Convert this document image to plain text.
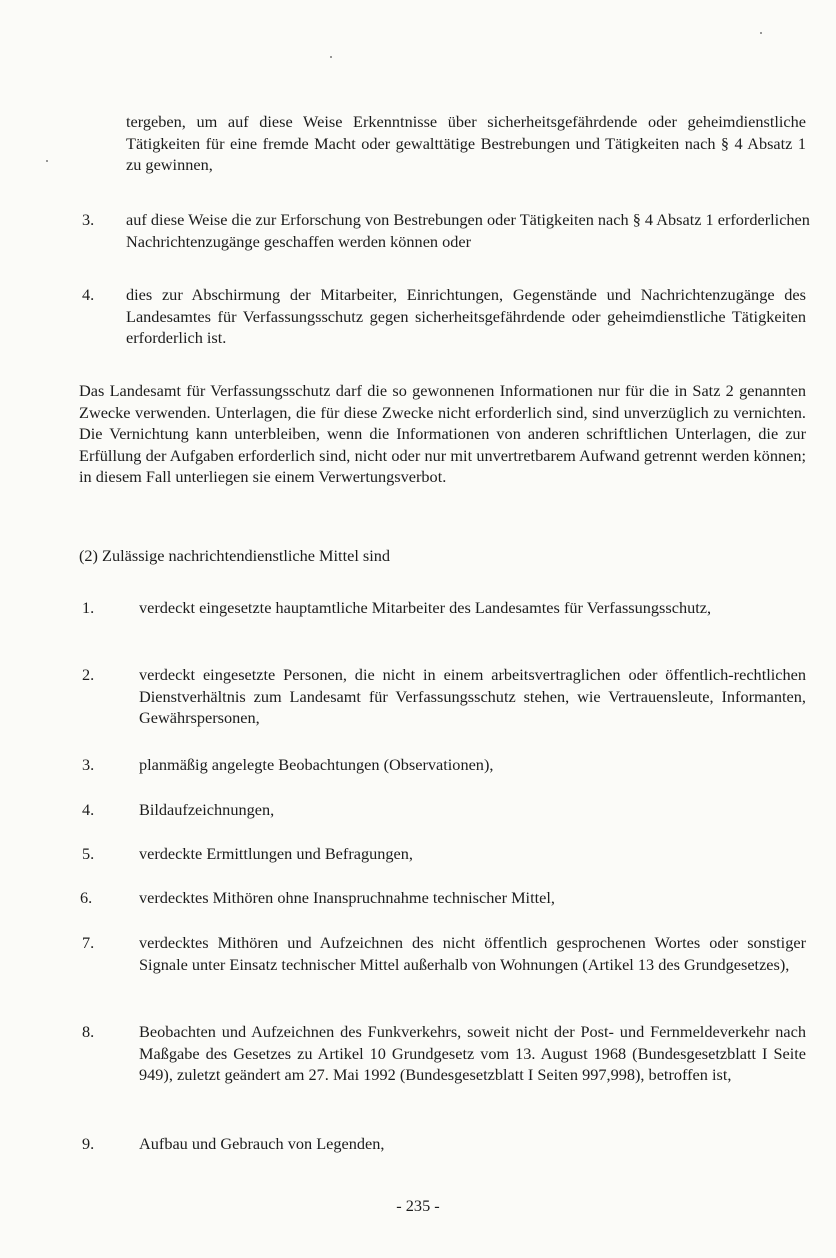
tergeben, um auf diese Weise Erkenntnisse über sicherheitsgefährdende oder geheimdienstliche Tätigkeiten für eine fremde Macht oder gewalttätige Bestrebungen und Tätigkeiten nach § 4 Absatz 1 zu gewinnen,

3. auf diese Weise die zur Erforschung von Bestrebungen oder Tätigkeiten nach § 4 Absatz 1 erforderlichen Nachrichtenzugänge geschaffen werden können oder

4. dies zur Abschirmung der Mitarbeiter, Einrichtungen, Gegenstände und Nachrichtenzugänge des Landesamtes für Verfassungsschutz gegen sicherheitsgefährdende oder geheimdienstliche Tätigkeiten erforderlich ist.

Das Landesamt für Verfassungsschutz darf die so gewonnenen Informationen nur für die in Satz 2 genannten Zwecke verwenden. Unterlagen, die für diese Zwecke nicht erforderlich sind, sind unverzüglich zu vernichten. Die Vernichtung kann unterbleiben, wenn die Informationen von anderen schriftlichen Unterlagen, die zur Erfüllung der Aufgaben erforderlich sind, nicht oder nur mit unvertretbarem Aufwand getrennt werden können; in diesem Fall unterliegen sie einem Verwertungsverbot.

(2) Zulässige nachrichtendienstliche Mittel sind

1.	verdeckt eingesetzte hauptamtliche Mitarbeiter des Landesamtes für Verfassungsschutz,

2.	verdeckt eingesetzte Personen, die nicht in einem arbeitsvertraglichen oder öffentlich-rechtlichen Dienstverhältnis zum Landesamt für Verfassungsschutz stehen, wie Vertrauensleute, Informanten, Gewährspersonen,

3.	planmäßig angelegte Beobachtungen (Observationen),

4.	Bildaufzeichnungen,

5.	verdeckte Ermittlungen und Befragungen,

6.	verdecktes Mithören ohne Inanspruchnahme technischer Mittel,

7.	verdecktes Mithören und Aufzeichnen des nicht öffentlich gesprochenen Wortes oder sonstiger Signale unter Einsatz technischer Mittel außerhalb von Wohnungen (Artikel 13 des Grundgesetzes),

8.	Beobachten und Aufzeichnen des Funkverkehrs, soweit nicht der Post- und Fernmeldeverkehr nach Maßgabe des Gesetzes zu Artikel 10 Grundgesetz vom 13. August 1968 (Bundesgesetzblatt I Seite 949), zuletzt geändert am 27. Mai 1992 (Bundesgesetzblatt I Seiten 997,998), betroffen ist,

9.	Aufbau und Gebrauch von Legenden,

- 235 -
